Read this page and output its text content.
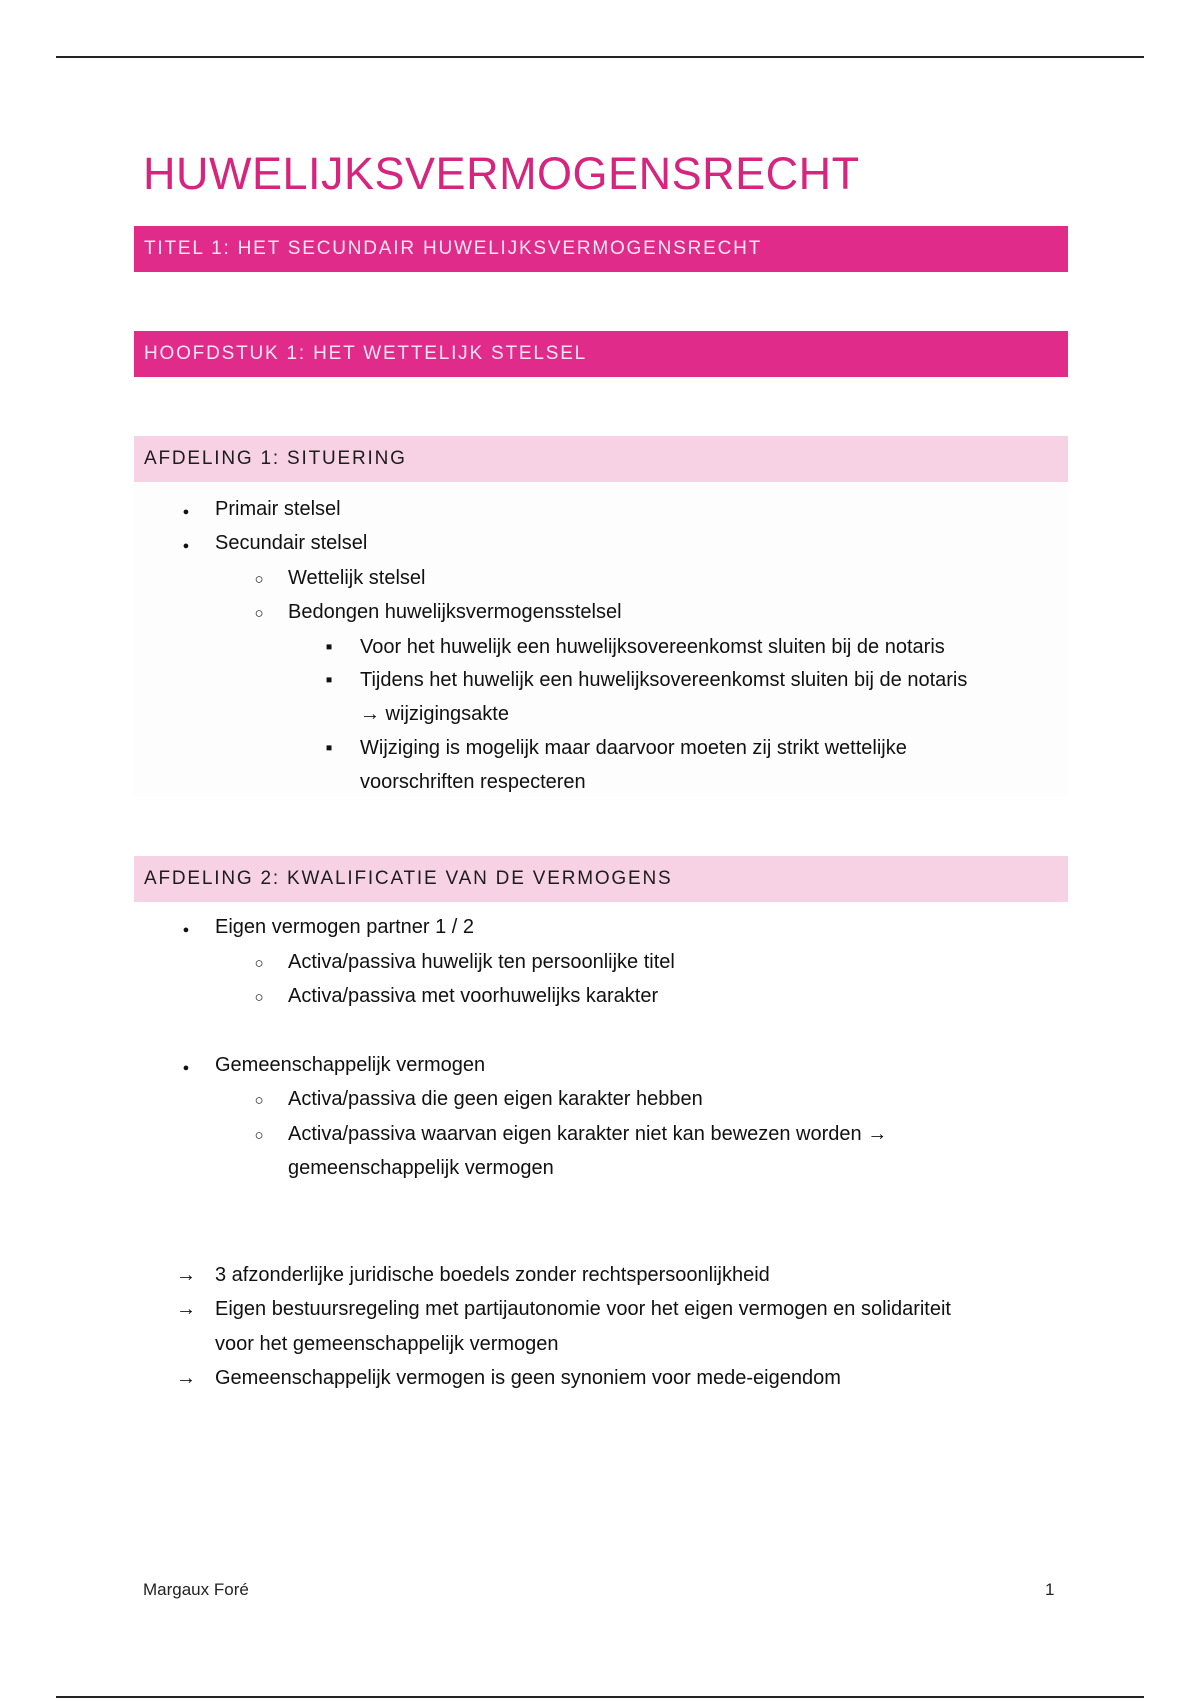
HUWELIJKSVERMOGENSRECHT
TITEL 1: HET SECUNDAIR HUWELIJKSVERMOGENSRECHT
HOOFDSTUK 1: HET WETTELIJK STELSEL
AFDELING 1: SITUERING
●
Primair stelsel
●
Secundair stelsel
○
Wettelijk stelsel
○
Bedongen huwelijksvermogensstelsel
▪
Voor het huwelijk een huwelijksovereenkomst sluiten bij de notaris
▪
Tijdens het huwelijk een huwelijksovereenkomst sluiten bij de notaris
→ wijzigingsakte
▪
Wijziging is mogelijk maar daarvoor moeten zij strikt wettelijke
voorschriften respecteren
AFDELING 2: KWALIFICATIE VAN DE VERMOGENS
●
Eigen vermogen partner 1 / 2
○
Activa/passiva huwelijk ten persoonlijke titel
○
Activa/passiva met voorhuwelijks karakter
●
Gemeenschappelijk vermogen
○
Activa/passiva die geen eigen karakter hebben
○
Activa/passiva waarvan eigen karakter niet kan bewezen worden →
gemeenschappelijk vermogen
→ 3 afzonderlijke juridische boedels zonder rechtspersoonlijkheid
→ Eigen bestuursregeling met partijautonomie voor het eigen vermogen en solidariteit
voor het gemeenschappelijk vermogen
→ Gemeenschappelijk vermogen is geen synoniem voor mede-eigendom
Margaux Foré	1
